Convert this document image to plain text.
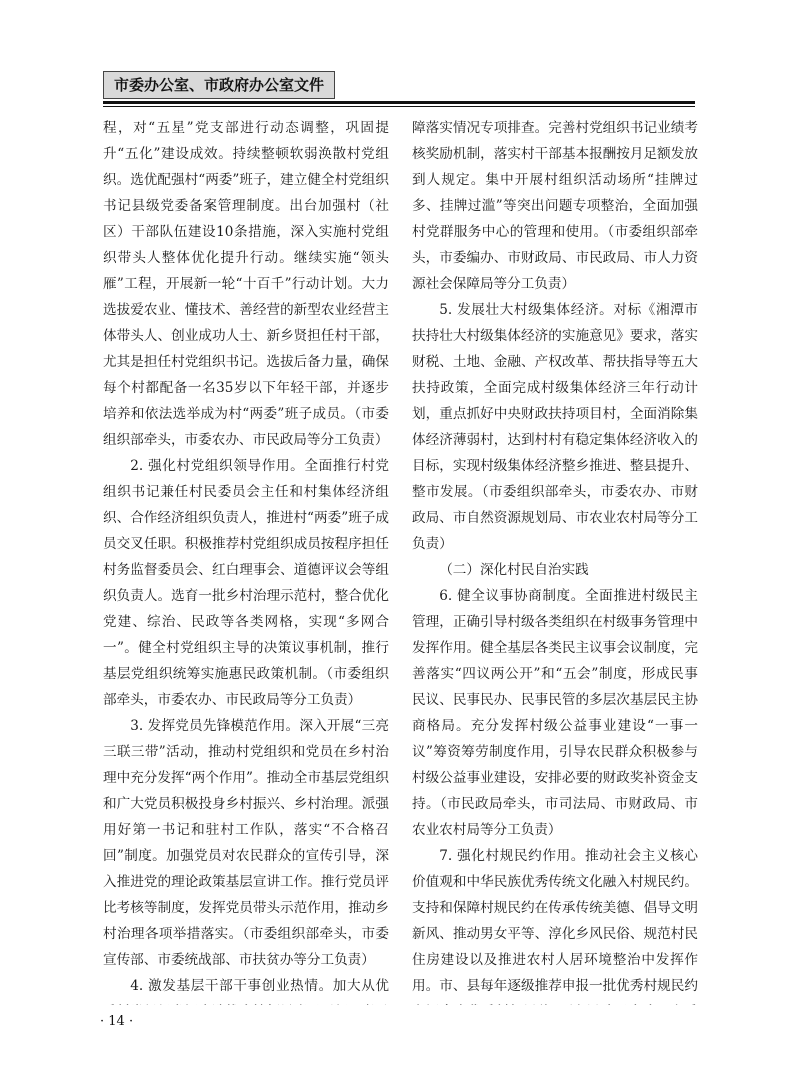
市委办公室、市政府办公室文件

程，对“五星”党支部进行动态调整，巩固提升“五化”建设成效。持续整顿软弱涣散村党组织。选优配强村“两委”班子，建立健全村党组织书记县级党委备案管理制度。出台加强村（社区）干部队伍建设10条措施，深入实施村党组织带头人整体优化提升行动。继续实施“领头雁”工程，开展新一轮“十百千”行动计划。大力选拔爱农业、懂技术、善经营的新型农业经营主体带头人、创业成功人士、新乡贤担任村干部，尤其是担任村党组织书记。选拔后备力量，确保每个村都配备一名35岁以下年轻干部，并逐步培养和依法选举成为村“两委”班子成员。（市委组织部牵头，市委农办、市民政局等分工负责）

2. 强化村党组织领导作用。全面推行村党组织书记兼任村民委员会主任和村集体经济组织、合作经济组织负责人，推进村“两委”班子成员交叉任职。积极推荐村党组织成员按程序担任村务监督委员会、红白理事会、道德评议会等组织负责人。选育一批乡村治理示范村，整合优化党建、综治、民政等各类网格，实现“多网合一”。健全村党组织主导的决策议事机制，推行基层党组织统筹实施惠民政策机制。（市委组织部牵头，市委农办、市民政局等分工负责）

3. 发挥党员先锋模范作用。深入开展“三亮三联三带”活动，推动村党组织和党员在乡村治理中充分发挥“两个作用”。推动全市基层党组织和广大党员积极投身乡村振兴、乡村治理。派强用好第一书记和驻村工作队，落实“不合格召回”制度。加强党员对农民群众的宣传引导，深入推进党的理论政策基层宣讲工作。推行党员评比考核等制度，发挥党员带头示范作用，推动乡村治理各项举措落实。（市委组织部牵头，市委宣传部、市委统战部、市扶贫办等分工负责）

4. 激发基层干部干事创业热情。加大从优

障落实情况专项排查。完善村党组织书记业绩考核奖励机制，落实村干部基本报酬按月足额发放到人规定。集中开展村组织活动场所“挂牌过多、挂牌过滥”等突出问题专项整治，全面加强村党群服务中心的管理和使用。（市委组织部牵头，市委编办、市财政局、市民政局、市人力资源社会保障局等分工负责）

5. 发展壮大村级集体经济。对标《湘潭市扶持壮大村级集体经济的实施意见》要求，落实财税、土地、金融、产权改革、帮扶指导等五大扶持政策，全面完成村级集体经济三年行动计划，重点抓好中央财政扶持项目村，全面消除集体经济薄弱村，达到村村有稳定集体经济收入的目标，实现村级集体经济整乡推进、整县提升、整市发展。（市委组织部牵头，市委农办、市财政局、市自然资源规划局、市农业农村局等分工负责）

（二）深化村民自治实践

6. 健全议事协商制度。全面推进村级民主管理，正确引导村级各类组织在村级事务管理中发挥作用。健全基层各类民主议事会议制度，完善落实“四议两公开”和“五会”制度，形成民事民议、民事民办、民事民管的多层次基层民主协商格局。充分发挥村级公益事业建设“一事一议”筹资筹劳制度作用，引导农民群众积极参与村级公益事业建设，安排必要的财政奖补资金支持。（市民政局牵头，市司法局、市财政局、市农业农村局等分工负责）

7. 强化村规民约作用。推动社会主义核心价值观和中华民族优秀传统文化融入村规民约。支持和保障村规民约在传承传统美德、倡导文明新风、推动男女平等、淳化乡风民俗、规范村民住房建设以及推进农村人居环境整治中发挥作用。市、县每年逐级推荐申报一批优秀村规民约

· 14 ·
